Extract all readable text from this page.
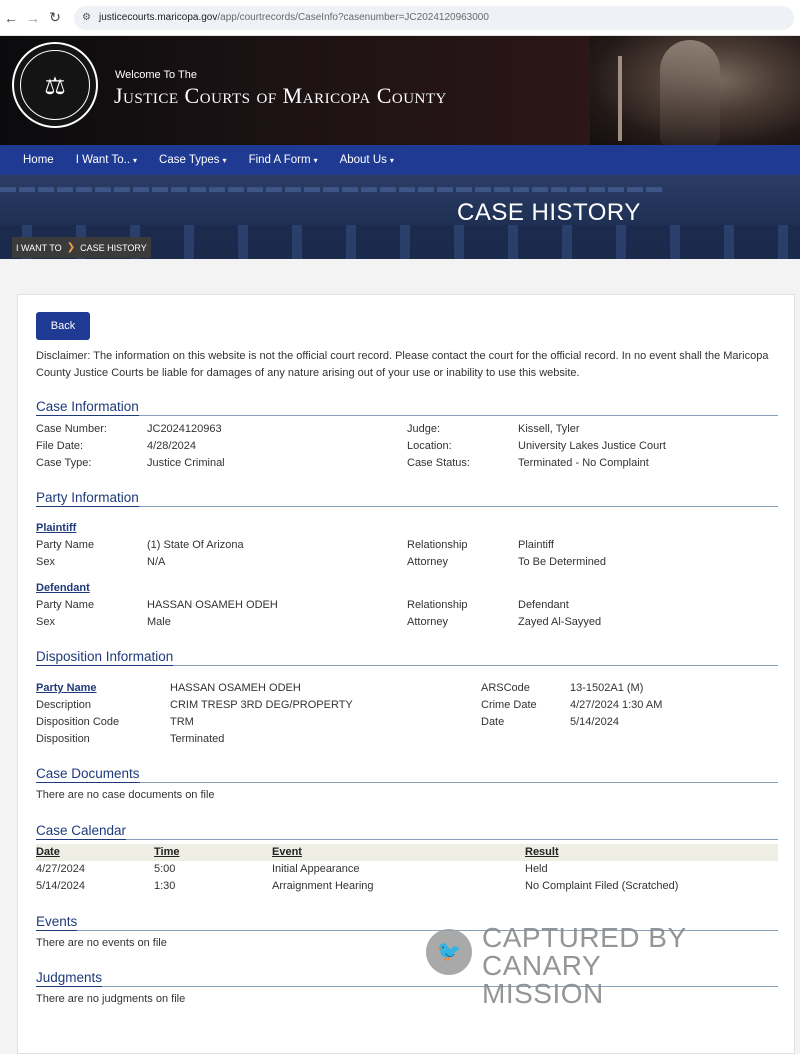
← → ↻	⚙ justicecourts.maricopa.gov /app/courtrecords/CaseInfo?casenumber=JC2024120963000
⚖	Welcome To The
Justice Courts of Maricopa County
Home I Want To.. ▾ Case Types ▾ Find A Form ▾ About Us ▾
▬▬▬▬▬▬▬▬▬▬▬▬▬▬▬▬▬▬▬▬▬▬▬▬▬▬▬▬▬▬▬▬▬▬▬
CASE HISTORY
I WANT TO ❯ CASE HISTORY
Back
Disclaimer: The information on this website is not the official court record. Please contact the court for the official record. In no event shall the Maricopa County Justice Courts be liable for damages of any nature arising out of your use or inability to use this website.
Case Information
Case Number:	JC2024120963
File Date:	4/28/2024
Case Type:	Justice Criminal
Judge:	Kissell, Tyler
Location:	University Lakes Justice Court
Case Status:	Terminated - No Complaint
Party Information
Plaintiff
Party Name	(1) State Of Arizona
Sex	N/A
Relationship	Plaintiff
Attorney	To Be Determined
Defendant
Party Name	HASSAN OSAMEH ODEH
Sex	Male
Relationship	Defendant
Attorney	Zayed Al-Sayyed
Disposition Information
Party Name	HASSAN OSAMEH ODEH
Description	CRIM TRESP 3RD DEG/PROPERTY
Disposition Code	TRM
Disposition	Terminated
ARSCode	13-1502A1 (M)
Crime Date	4/27/2024 1:30 AM
Date	5/14/2024
Case Documents
There are no case documents on file
Case Calendar
Date	Time	Event	Result
4/27/2024	5:00	Initial Appearance	Held
5/14/2024	1:30	Arraignment Hearing	No Complaint Filed (Scratched)
Events
There are no events on file
Judgments
There are no judgments on file
🐦 CAPTURED BY
CANARY MISSION
